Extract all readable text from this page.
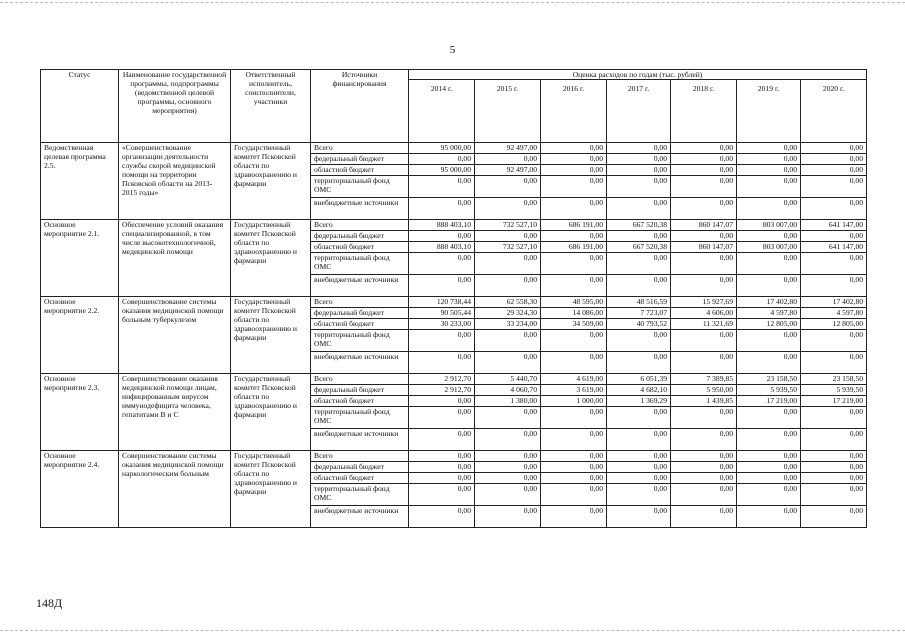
5
Статус	Наименование государственной программы, подпрограммы (ведомственной целевой программы, основного мероприятия)	Ответственный исполнитель, соисполнители, участники	Источники финансирования	Оценка расходов по годам (тыс. рублей)						
				2014 г.	2015 г.	2016 г.	2017 г.	2018 г.	2019 г.	2020 г.
Ведомственная целевая программа 2.5.	«Совершенствование организации деятельности службы скорой медицинской помощи на территории Псковской области на 2013-2015 годы»	Государственный комитет Псковской области по здравоохранению и фармации	Всего	95 000,00	92 497,00	0,00	0,00	0,00	0,00	0,00
			федеральный бюджет	0,00	0,00	0,00	0,00	0,00	0,00	0,00
			областной бюджет	95 000,00	92 497,00	0,00	0,00	0,00	0,00	0,00
			территориальный фонд ОМС	0,00	0,00	0,00	0,00	0,00	0,00	0,00
			внебюджетные источники	0,00	0,00	0,00	0,00	0,00	0,00	0,00
Основное мероприятие 2.1.	Обеспечение условий оказания специализированной, в том числе высокотехнологичной, медицинской помощи	Государственный комитет Псковской области по здравоохранению и фармации	Всего	888 403,10	732 527,10	686 191,00	667 520,38	860 147,07	803 007,00	641 147,00
			федеральный бюджет	0,00	0,00	0,00	0,00	0,00	0,00	0,00
			областной бюджет	888 403,10	732 527,10	686 191,00	667 520,38	860 147,07	803 007,00	641 147,00
			территориальный фонд ОМС	0,00	0,00	0,00	0,00	0,00	0,00	0,00
			внебюджетные источники	0,00	0,00	0,00	0,00	0,00	0,00	0,00
Основное мероприятие 2.2.	Совершенствование системы оказания медицинской помощи больным туберкулезом	Государственный комитет Псковской области по здравоохранению и фармации	Всего	120 738,44	62 558,30	48 595,00	48 516,59	15 927,69	17 402,80	17 402,80
			федеральный бюджет	90 505,44	29 324,30	14 086,00	7 723,07	4 606,00	4 597,80	4 597,80
			областной бюджет	30 233,00	33 234,00	34 509,00	40 793,52	11 321,69	12 805,00	12 805,00
			территориальный фонд ОМС	0,00	0,00	0,00	0,00	0,00	0,00	0,00
			внебюджетные источники	0,00	0,00	0,00	0,00	0,00	0,00	0,00
Основное мероприятие 2.3.	Совершенствование оказания медицинской помощи лицам, инфицированным вирусом иммунодефицита человека, гепатитами В и С	Государственный комитет Псковской области по здравоохранению и фармации	Всего	2 912,70	5 440,70	4 619,00	6 051,39	7 389,85	23 158,50	23 158,50
			федеральный бюджет	2 912,70	4 060,70	3 619,00	4 682,10	5 950,00	5 939,50	5 939,50
			областной бюджет	0,00	1 380,00	1 000,00	1 369,29	1 439,85	17 219,00	17 219,00
			территориальный фонд ОМС	0,00	0,00	0,00	0,00	0,00	0,00	0,00
			внебюджетные источники	0,00	0,00	0,00	0,00	0,00	0,00	0,00
Основное мероприятие 2.4.	Совершенствование системы оказания медицинской помощи наркологическим больным	Государственный комитет Псковской области по здравоохранению и фармации	Всего	0,00	0,00	0,00	0,00	0,00	0,00	0,00
			федеральный бюджет	0,00	0,00	0,00	0,00	0,00	0,00	0,00
			областной бюджет	0,00	0,00	0,00	0,00	0,00	0,00	0,00
			территориальный фонд ОМС	0,00	0,00	0,00	0,00	0,00	0,00	0,00
			внебюджетные источники	0,00	0,00	0,00	0,00	0,00	0,00	0,00
148Д
